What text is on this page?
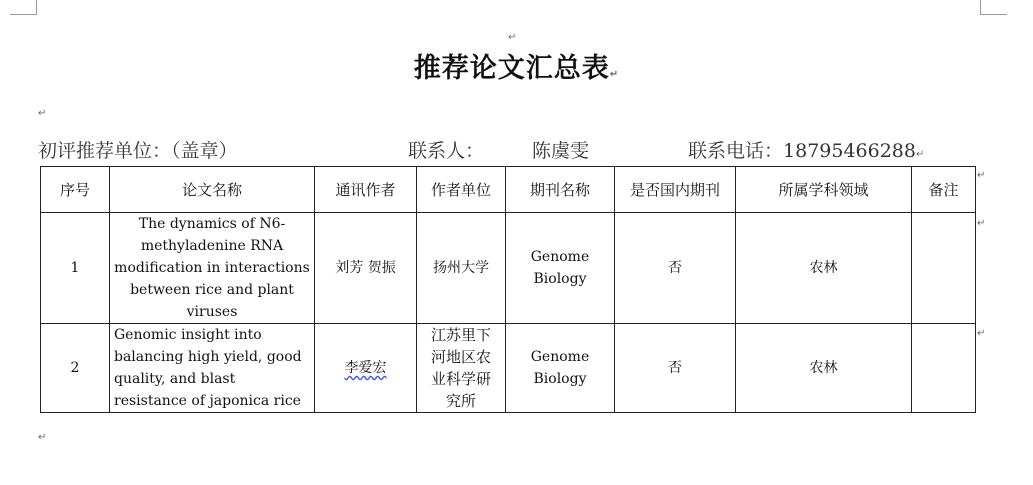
↵
推荐论文汇总表↵
↵
初评推荐单位：（盖章）	联系人：	陈虞雯	联系电话：18795466288↵
序号	论文名称	通讯作者	作者单位	期刊名称	是否国内期刊	所属学科领域	备注
1	The dynamics of N6-methyladenine RNA modification in interactions between rice and plant viruses	刘芳 贺振	扬州大学	Genome Biology	否	农林	
2	Genomic insight into balancing high yield, good quality, and blast resistance of japonica rice	李爱宏	江苏里下河地区农业科学研究所	Genome Biology	否	农林	
↵
↵
↵
↵
